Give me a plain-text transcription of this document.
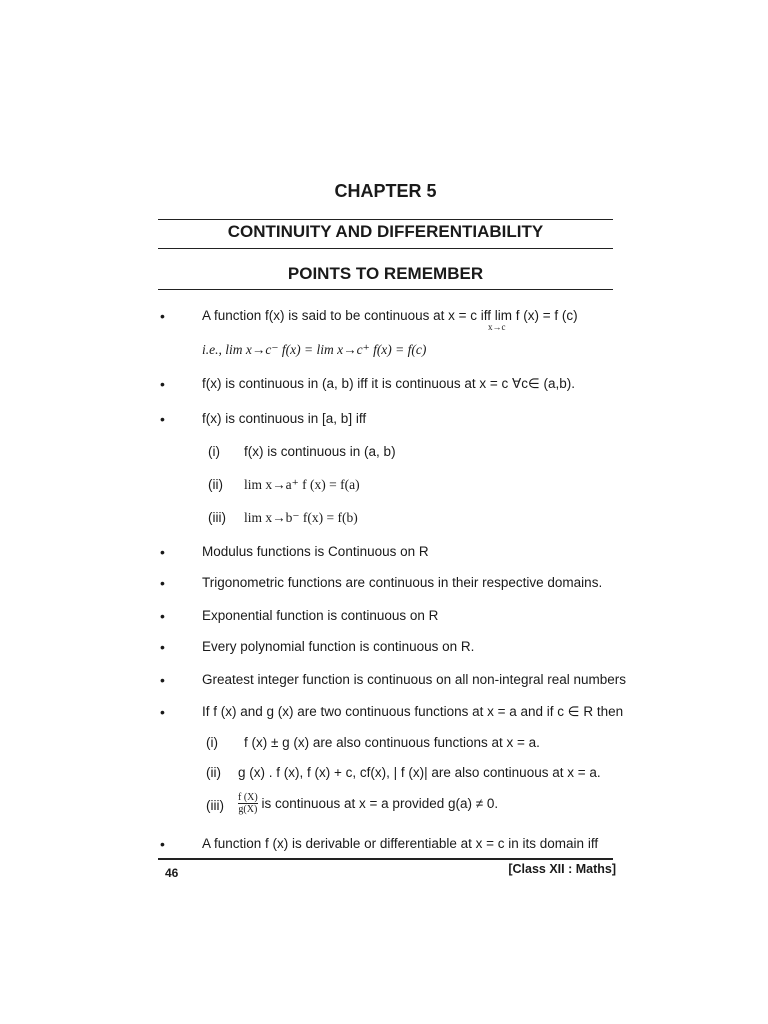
CHAPTER 5
CONTINUITY AND DIFFERENTIABILITY
POINTS TO REMEMBER
•	A function f(x) is said to be continuous at x = c iff lim f (x) = f (c)
x→c
i.e., lim x→c⁻ f(x) = lim x→c⁺ f(x) = f(c)
•	f(x) is continuous in (a, b) iff it is continuous at x = c ∀c∈ (a,b).
•	f(x) is continuous in [a, b] iff
(i) f(x) is continuous in (a, b)
(ii) lim x→a⁺ f (x) = f(a)
(iii) lim x→b⁻ f(x) = f(b)
•	Modulus functions is Continuous on R
•	Trigonometric functions are continuous in their respective domains.
•	Exponential function is continuous on R
•	Every polynomial function is continuous on R.
•	Greatest integer function is continuous on all non-integral real numbers
•	If f (x) and g (x) are two continuous functions at x = a and if c ∈ R then
(i) f (x) ± g (x) are also continuous functions at x = a.
(ii) g (x) . f (x), f (x) + c, cf(x), | f (x)| are also continuous at x = a.
$(iii) \frac{f (X)}{g(X)}$ is continuous at x = a provided g(a) ≠ 0.
•	A function f (x) is derivable or differentiable at x = c in its domain iff
46	[Class XII : Maths]
